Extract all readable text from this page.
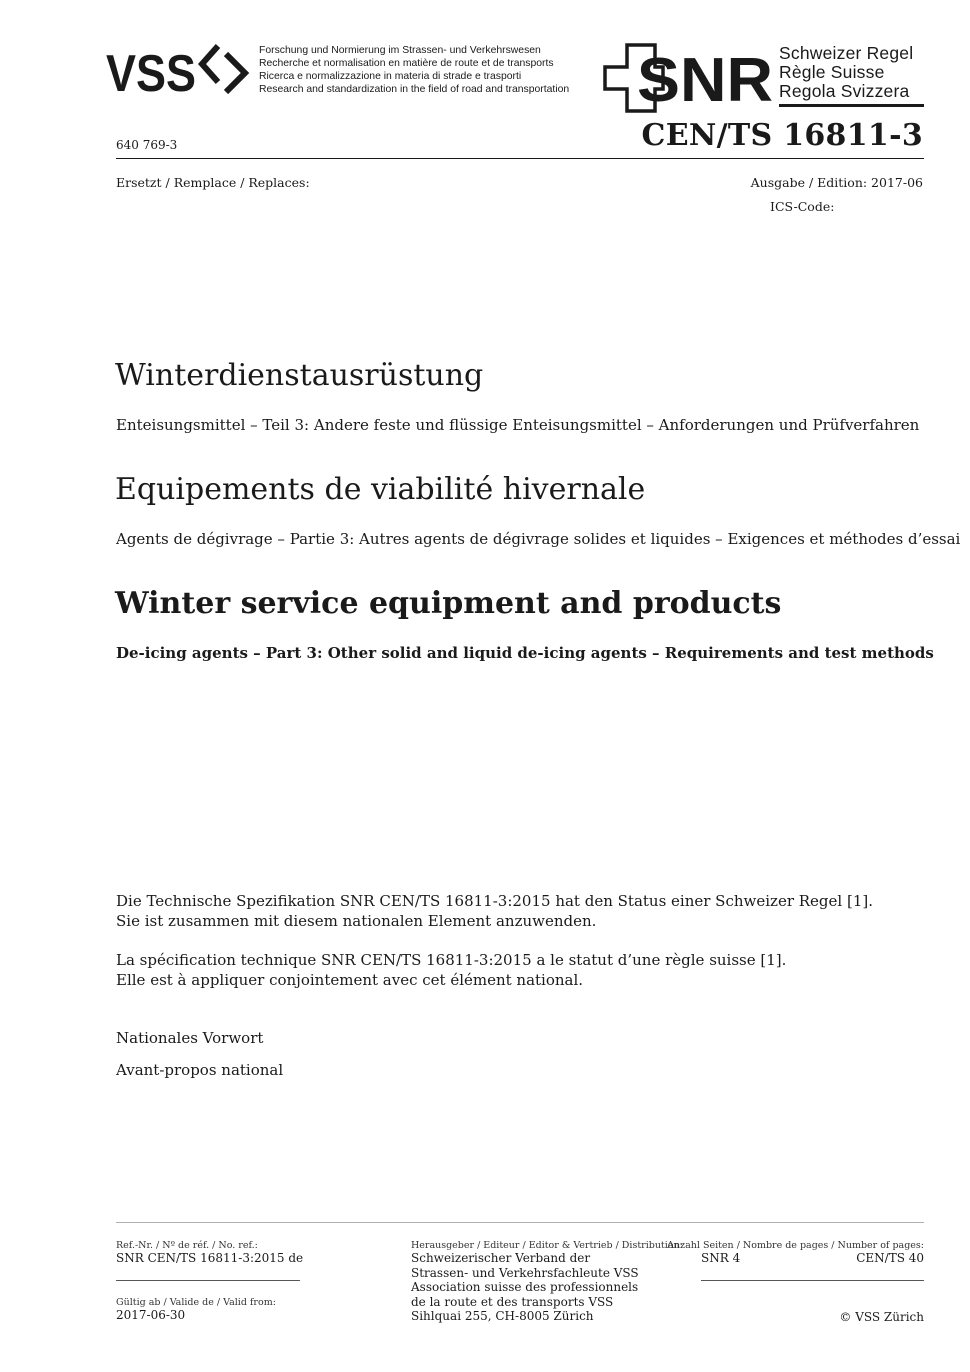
VSS	Forschung und Normierung im Strassen- und Verkehrswesen
Recherche et normalisation en matière de route et de transports
Ricerca e normalizzazione in materia di strade e trasporti
Research and standardization in the field of road and transportation SNR Schweizer Regel
Règle Suisse
Regola Svizzera
640 769-3	CEN/TS 16811-3
Ersetzt / Remplace / Replaces:	Ausgabe / Edition: 2017-06
ICS-Code:
Winterdienstausrüstung
Enteisungsmittel – Teil 3: Andere feste und flüssige Enteisungsmittel – Anforderungen und Prüfverfahren
Equipements de viabilité hivernale
Agents de dégivrage – Partie 3: Autres agents de dégivrage solides et liquides – Exigences et méthodes d’essai
Winter service equipment and products
De-icing agents – Part 3: Other solid and liquid de-icing agents – Requirements and test methods
Die Technische Spezifikation SNR CEN/TS 16811-3:2015 hat den Status einer Schweizer Regel [1].
Sie ist zusammen mit diesem nationalen Element anzuwenden.
La spécification technique SNR CEN/TS 16811-3:2015 a le statut d’une règle suisse [1].
Elle est à appliquer conjointement avec cet élément national.
Nationales Vorwort
Avant-propos national
Ref.-Nr. / Nº de réf. / No. ref.:
SNR CEN/TS 16811-3:2015 de
Gültig ab / Valide de / Valid from:
2017-06-30
Herausgeber / Editeur / Editor & Vertrieb / Distribution:
Schweizerischer Verband der
Strassen- und Verkehrsfachleute VSS
Association suisse des professionnels
de la route et des transports VSS
Sihlquai 255, CH-8005 Zürich
Anzahl Seiten / Nombre de pages / Number of pages:
SNR 4	CEN/TS 40
© VSS Zürich
